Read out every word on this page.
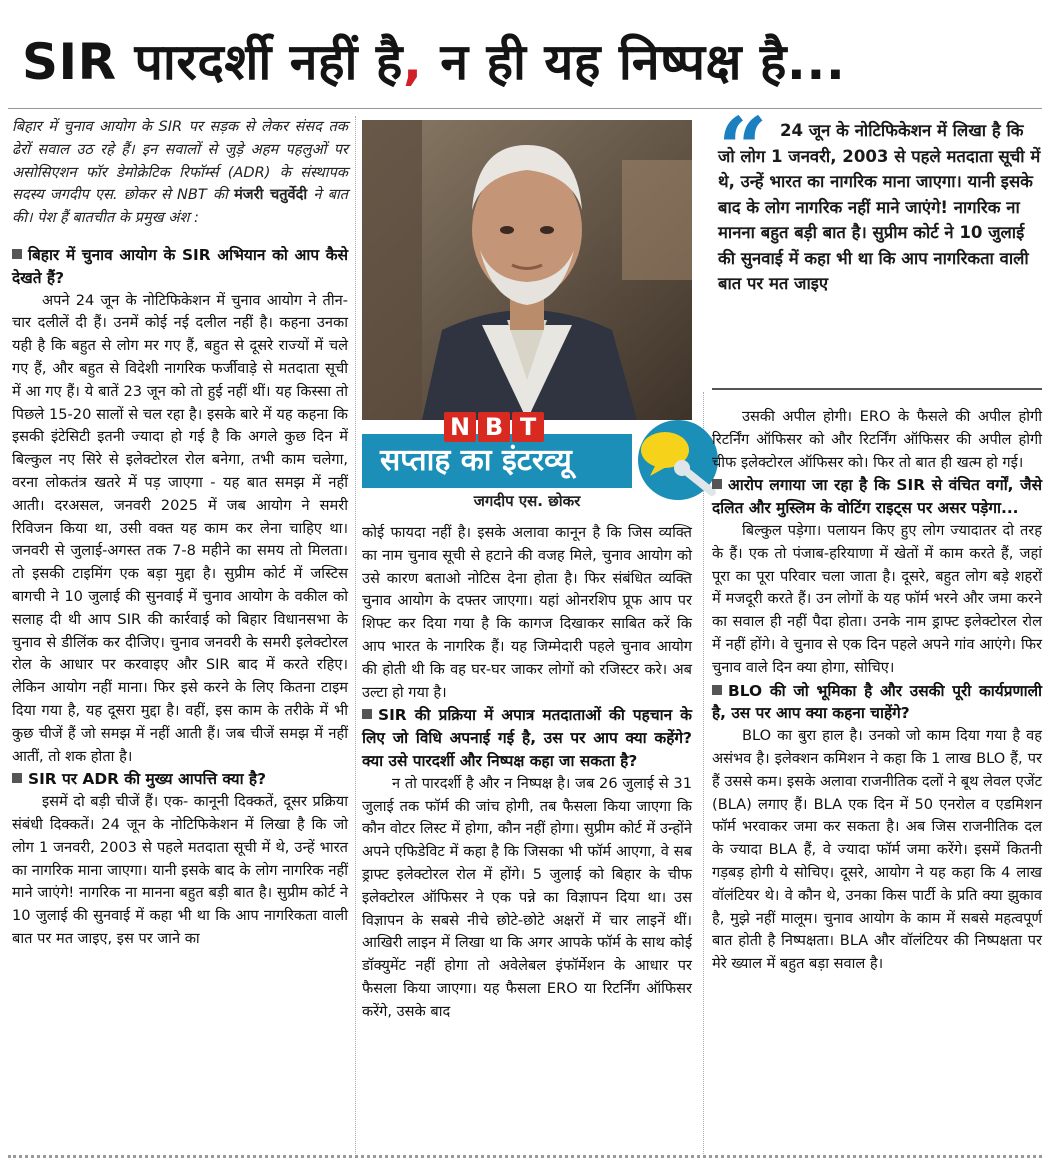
SIR पारदर्शी नहीं है, न ही यह निष्पक्ष है...

बिहार में चुनाव आयोग के SIR पर सड़क से लेकर संसद तक ढेरों सवाल उठ रहे हैं। इन सवालों से जुड़े अहम पहलुओं पर असोसिएशन फॉर डेमोक्रेटिक रिफॉर्म्स (ADR) के संस्थापक सदस्य जगदीप एस. छोकर से NBT की मंजरी चतुर्वेदी ने बात की। पेश हैं बातचीत के प्रमुख अंश :

बिहार में चुनाव आयोग के SIR अभियान को आप कैसे देखते हैं?

अपने 24 जून के नोटिफिकेशन में चुनाव आयोग ने तीन-चार दलीलें दी हैं। उनमें कोई नई दलील नहीं है। कहना उनका यही है कि बहुत से लोग मर गए हैं, बहुत से दूसरे राज्यों में चले गए हैं, और बहुत से विदेशी नागरिक फर्जीवाड़े से मतदाता सूची में आ गए हैं। ये बातें 23 जून को तो हुई नहीं थीं। यह किस्सा तो पिछले 15-20 सालों से चल रहा है। इसके बारे में यह कहना कि इसकी इंटेसिटी इतनी ज्यादा हो गई है कि अगले कुछ दिन में बिल्कुल नए सिरे से इलेक्टोरल रोल बनेगा, तभी काम चलेगा, वरना लोकतंत्र खतरे में पड़ जाएगा - यह बात समझ में नहीं आती। दरअसल, जनवरी 2025 में जब आयोग ने समरी रिविजन किया था, उसी वक्त यह काम कर लेना चाहिए था। जनवरी से जुलाई-अगस्त तक 7-8 महीने का समय तो मिलता। तो इसकी टाइमिंग एक बड़ा मुद्दा है। सुप्रीम कोर्ट में जस्टिस बागची ने 10 जुलाई की सुनवाई में चुनाव आयोग के वकील को सलाह दी थी आप SIR की कार्रवाई को बिहार विधानसभा के चुनाव से डीलिंक कर दीजिए। चुनाव जनवरी के समरी इलेक्टोरल रोल के आधार पर करवाइए और SIR बाद में करते रहिए। लेकिन आयोग नहीं माना। फिर इसे करने के लिए कितना टाइम दिया गया है, यह दूसरा मुद्दा है। वहीं, इस काम के तरीके में भी कुछ चीजें हैं जो समझ में नहीं आती हैं। जब चीजें समझ में नहीं आतीं, तो शक होता है।

SIR पर ADR की मुख्य आपत्ति क्या है?

इसमें दो बड़ी चीजें हैं। एक- कानूनी दिक्कतें, दूसर प्रक्रिया संबंधी दिक्कतें। 24 जून के नोटिफिकेशन में लिखा है कि जो लोग 1 जनवरी, 2003 से पहले मतदाता सूची में थे, उन्हें भारत का नागरिक माना जाएगा। यानी इसके बाद के लोग नागरिक नहीं माने जाएंगे! नागरिक ना मानना बहुत बड़ी बात है। सुप्रीम कोर्ट ने 10 जुलाई की सुनवाई में कहा भी था कि आप नागरिकता वाली बात पर मत जाइए, इस पर जाने का

N B T
सप्ताह का इंटरव्यू
जगदीप एस. छोकर

कोई फायदा नहीं है। इसके अलावा कानून है कि जिस व्यक्ति का नाम चुनाव सूची से हटाने की वजह मिले, चुनाव आयोग को उसे कारण बताओ नोटिस देना होता है। फिर संबंधित व्यक्ति चुनाव आयोग के दफ्तर जाएगा। यहां ओनरशिप प्रूफ आप पर शिफ्ट कर दिया गया है कि कागज दिखाकर साबित करें कि आप भारत के नागरिक हैं। यह जिम्मेदारी पहले चुनाव आयोग की होती थी कि वह घर-घर जाकर लोगों को रजिस्टर करे। अब उल्टा हो गया है।

SIR की प्रक्रिया में अपात्र मतदाताओं की पहचान के लिए जो विधि अपनाई गई है, उस पर आप क्या कहेंगे? क्या उसे पारदर्शी और निष्पक्ष कहा जा सकता है?

न तो पारदर्शी है और न निष्पक्ष है। जब 26 जुलाई से 31 जुलाई तक फॉर्म की जांच होगी, तब फैसला किया जाएगा कि कौन वोटर लिस्ट में होगा, कौन नहीं होगा। सुप्रीम कोर्ट में उन्होंने अपने एफिडेविट में कहा है कि जिसका भी फॉर्म आएगा, वे सब ड्राफ्ट इलेक्टोरल रोल में होंगे। 5 जुलाई को बिहार के चीफ इलेक्टोरल ऑफिसर ने एक पन्ने का विज्ञापन दिया था। उस विज्ञापन के सबसे नीचे छोटे-छोटे अक्षरों में चार लाइनें थीं। आखिरी लाइन में लिखा था कि अगर आपके फॉर्म के साथ कोई डॉक्युमेंट नहीं होगा तो अवेलेबल इंफॉर्मेशन के आधार पर फैसला किया जाएगा। यह फैसला ERO या रिटर्निंग ऑफिसर करेंगे, उसके बाद

“ 24 जून के नोटिफिकेशन में लिखा है कि जो लोग 1 जनवरी, 2003 से पहले मतदाता सूची में थे, उन्हें भारत का नागरिक माना जाएगा। यानी इसके बाद के लोग नागरिक नहीं माने जाएंगे! नागरिक ना मानना बहुत बड़ी बात है। सुप्रीम कोर्ट ने 10 जुलाई की सुनवाई में कहा भी था कि आप नागरिकता वाली बात पर मत जाइए

उसकी अपील होगी। ERO के फैसले की अपील होगी रिटर्निंग ऑफिसर को और रिटर्निंग ऑफिसर की अपील होगी चीफ इलेक्टोरल ऑफिसर को। फिर तो बात ही खत्म हो गई।

आरोप लगाया जा रहा है कि SIR से वंचित वर्गों, जैसे दलित और मुस्लिम के वोटिंग राइट्स पर असर पड़ेगा...

बिल्कुल पड़ेगा। पलायन किए हुए लोग ज्यादातर दो तरह के हैं। एक तो पंजाब-हरियाणा में खेतों में काम करते हैं, जहां पूरा का पूरा परिवार चला जाता है। दूसरे, बहुत लोग बड़े शहरों में मजदूरी करते हैं। उन लोगों के यह फॉर्म भरने और जमा करने का सवाल ही नहीं पैदा होता। उनके नाम ड्राफ्ट इलेक्टोरल रोल में नहीं होंगे। वे चुनाव से एक दिन पहले अपने गांव आएंगे। फिर चुनाव वाले दिन क्या होगा, सोचिए।

BLO की जो भूमिका है और उसकी पूरी कार्यप्रणाली है, उस पर आप क्या कहना चाहेंगे?

BLO का बुरा हाल है। उनको जो काम दिया गया है वह असंभव है। इलेक्शन कमिशन ने कहा कि 1 लाख BLO हैं, पर हैं उससे कम। इसके अलावा राजनीतिक दलों ने बूथ लेवल एजेंट (BLA) लगाए हैं। BLA एक दिन में 50 एनरोल व एडमिशन फॉर्म भरवाकर जमा कर सकता है। अब जिस राजनीतिक दल के ज्यादा BLA हैं, वे ज्यादा फॉर्म जमा करेंगे। इसमें कितनी गड़बड़ होगी ये सोचिए। दूसरे, आयोग ने यह कहा कि 4 लाख वॉलंटियर थे। वे कौन थे, उनका किस पार्टी के प्रति क्या झुकाव है, मुझे नहीं मालूम। चुनाव आयोग के काम में सबसे महत्वपूर्ण बात होती है निष्पक्षता। BLA और वॉलंटियर की निष्पक्षता पर मेरे ख्याल में बहुत बड़ा सवाल है।
